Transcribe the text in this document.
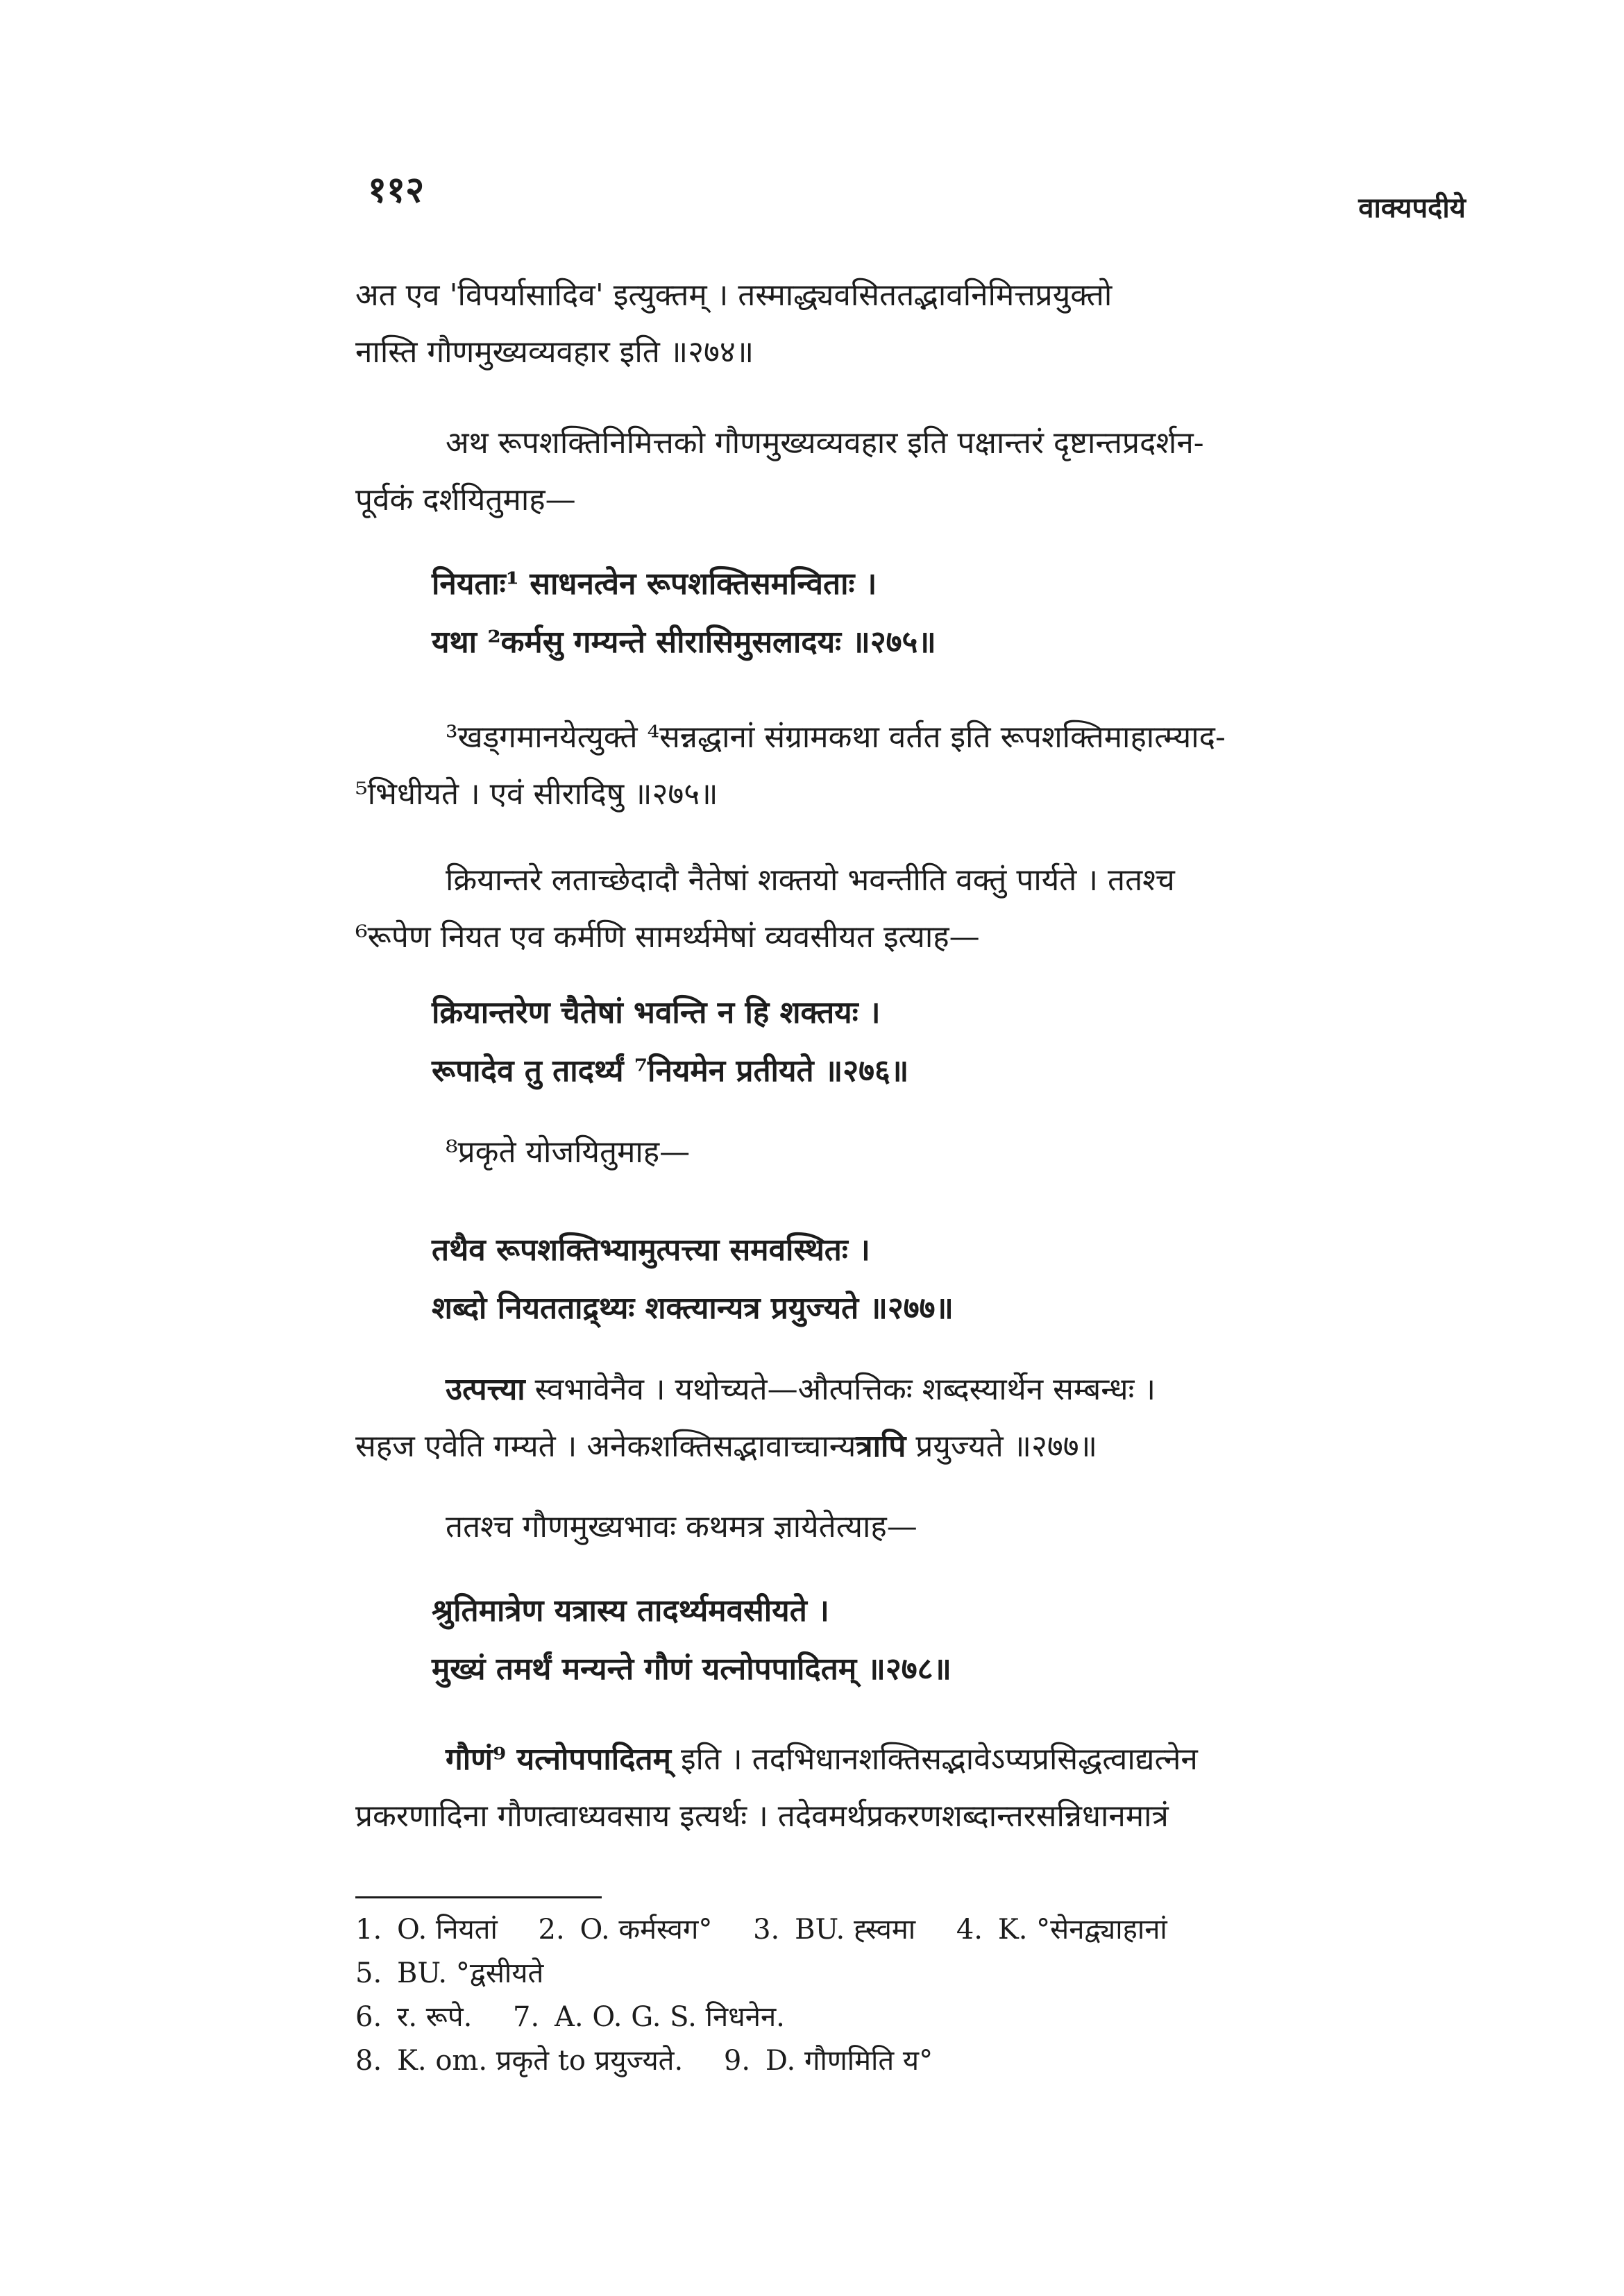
११२	वाक्यपदीये
अत एव 'विपर्यासादिव' इत्युक्तम् । तस्माद्ध्यवसिततद्भावनिमित्तप्रयुक्तो
नास्ति गौणमुख्यव्यवहार इति ॥२७४॥
अथ रूपशक्तिनिमित्तको गौणमुख्यव्यवहार इति पक्षान्तरं दृष्टान्तप्रदर्शन-
पूर्वकं दर्शयितुमाह—
नियताः¹ साधनत्वेन रूपशक्तिसमन्विताः ।
यथा ²कर्मसु गम्यन्ते सीरासिमुसलादयः ॥२७५॥
³खड्गमानयेत्युक्ते ⁴सन्नद्धानां संग्रामकथा वर्तत इति रूपशक्तिमाहात्म्याद-
⁵भिधीयते । एवं सीरादिषु ॥२७५॥
क्रियान्तरे लताच्छेदादौ नैतेषां शक्तयो भवन्तीति वक्तुं पार्यते । ततश्च
⁶रूपेण नियत एव कर्मणि सामर्थ्यमेषां व्यवसीयत इत्याह—
क्रियान्तरेण चैतेषां भवन्ति न हि शक्तयः ।
रूपादेव तु तादर्थ्यं ⁷नियमेन प्रतीयते ॥२७६॥
⁸प्रकृते योजयितुमाह—
तथैव रूपशक्तिभ्यामुत्पत्त्या समवस्थितः ।
शब्दो नियतताद्र्थ्यः शक्त्यान्यत्र प्रयुज्यते ॥२७७॥
उत्पत्त्या स्वभावेनैव । यथोच्यते—औत्पत्तिकः शब्दस्यार्थेन सम्बन्धः ।
सहज एवेति गम्यते । अनेकशक्तिसद्भावाच्चान्यत्रापि प्रयुज्यते ॥२७७॥
ततश्च गौणमुख्यभावः कथमत्र ज्ञायेतेत्याह—
श्रुतिमात्रेण यत्रास्य तादर्थ्यमवसीयते ।
मुख्यं तमर्थं मन्यन्ते गौणं यत्नोपपादितम् ॥२७८॥
गौणं⁹ यत्नोपपादितम् इति । तदभिधानशक्तिसद्भावेऽप्यप्रसिद्धत्वाद्यत्नेन
प्रकरणादिना गौणत्वाध्यवसाय इत्यर्थः । तदेवमर्थप्रकरणशब्दान्तरसन्निधानमात्रं
1. O. नियतां 2. O. कर्मस्वग° 3. BU. ह्स्वमा 4. K. °सेनद्व्याहानां
5. BU. °द्वसीयते
6. र. रूपे. 7. A. O. G. S. निधनेन.
8. K. om. प्रकृते to प्रयुज्यते. 9. D. गौणमिति य°
